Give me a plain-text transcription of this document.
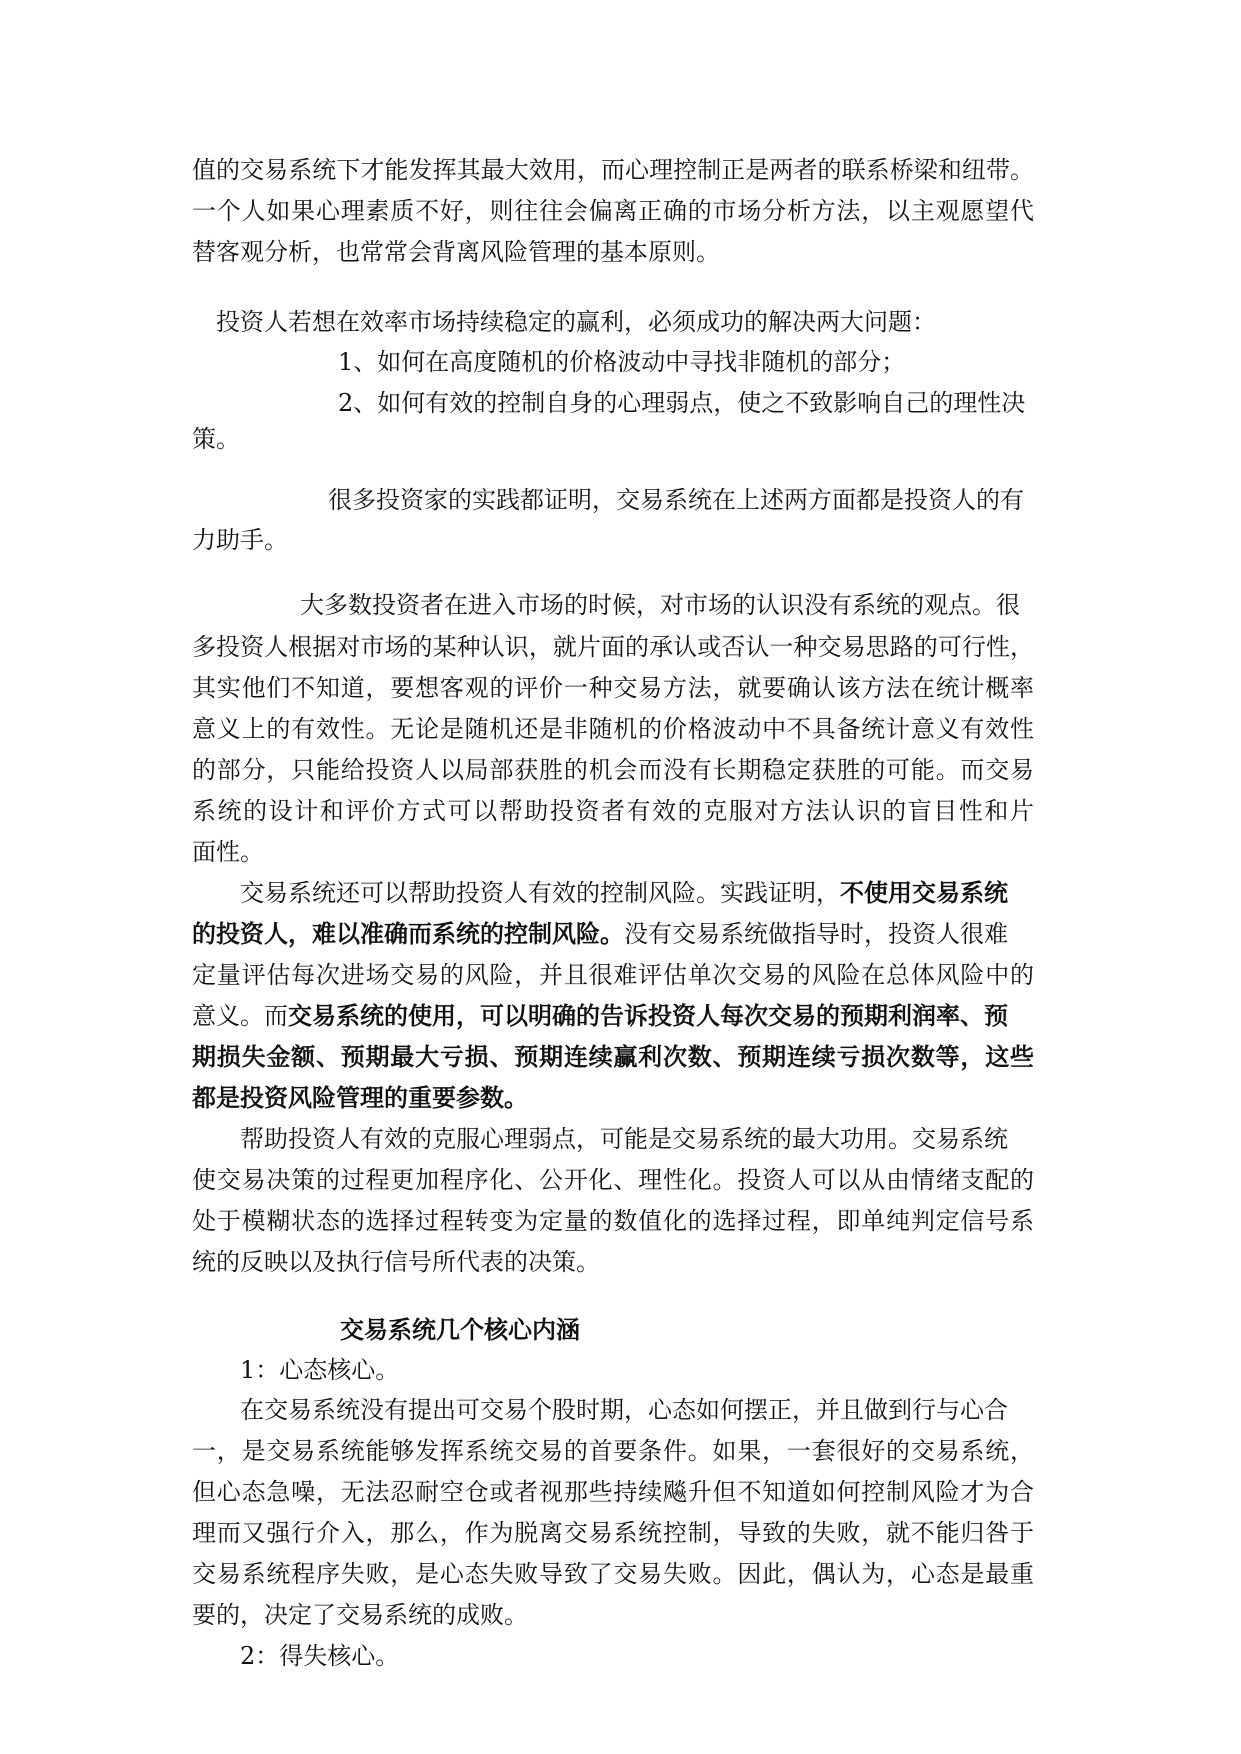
值的交易系统下才能发挥其最大效用，而心理控制正是两者的联系桥梁和纽带。
一个人如果心理素质不好，则往往会偏离正确的市场分析方法，以主观愿望代
替客观分析，也常常会背离风险管理的基本原则。
投资人若想在效率市场持续稳定的赢利，必须成功的解决两大问题：
1、如何在高度随机的价格波动中寻找非随机的部分；
2、如何有效的控制自身的心理弱点，使之不致影响自己的理性决
策。
很多投资家的实践都证明，交易系统在上述两方面都是投资人的有
力助手。
大多数投资者在进入市场的时候，对市场的认识没有系统的观点。很
多投资人根据对市场的某种认识，就片面的承认或否认一种交易思路的可行性，
其实他们不知道，要想客观的评价一种交易方法，就要确认该方法在统计概率
意义上的有效性。无论是随机还是非随机的价格波动中不具备统计意义有效性
的部分，只能给投资人以局部获胜的机会而没有长期稳定获胜的可能。而交易
系统的设计和评价方式可以帮助投资者有效的克服对方法认识的盲目性和片
面性。
交易系统还可以帮助投资人有效的控制风险。实践证明，不使用交易系统
的投资人，难以准确而系统的控制风险。没有交易系统做指导时，投资人很难
定量评估每次进场交易的风险，并且很难评估单次交易的风险在总体风险中的
意义。而交易系统的使用，可以明确的告诉投资人每次交易的预期利润率、预
期损失金额、预期最大亏损、预期连续赢利次数、预期连续亏损次数等，这些
都是投资风险管理的重要参数。
帮助投资人有效的克服心理弱点，可能是交易系统的最大功用。交易系统
使交易决策的过程更加程序化、公开化、理性化。投资人可以从由情绪支配的
处于模糊状态的选择过程转变为定量的数值化的选择过程，即单纯判定信号系
统的反映以及执行信号所代表的决策。
交易系统几个核心内涵
1：心态核心。
在交易系统没有提出可交易个股时期，心态如何摆正，并且做到行与心合
一，是交易系统能够发挥系统交易的首要条件。如果，一套很好的交易系统，
但心态急噪，无法忍耐空仓或者视那些持续飚升但不知道如何控制风险才为合
理而又强行介入，那么，作为脱离交易系统控制，导致的失败，就不能归咎于
交易系统程序失败，是心态失败导致了交易失败。因此，偶认为，心态是最重
要的，决定了交易系统的成败。
2：得失核心。
